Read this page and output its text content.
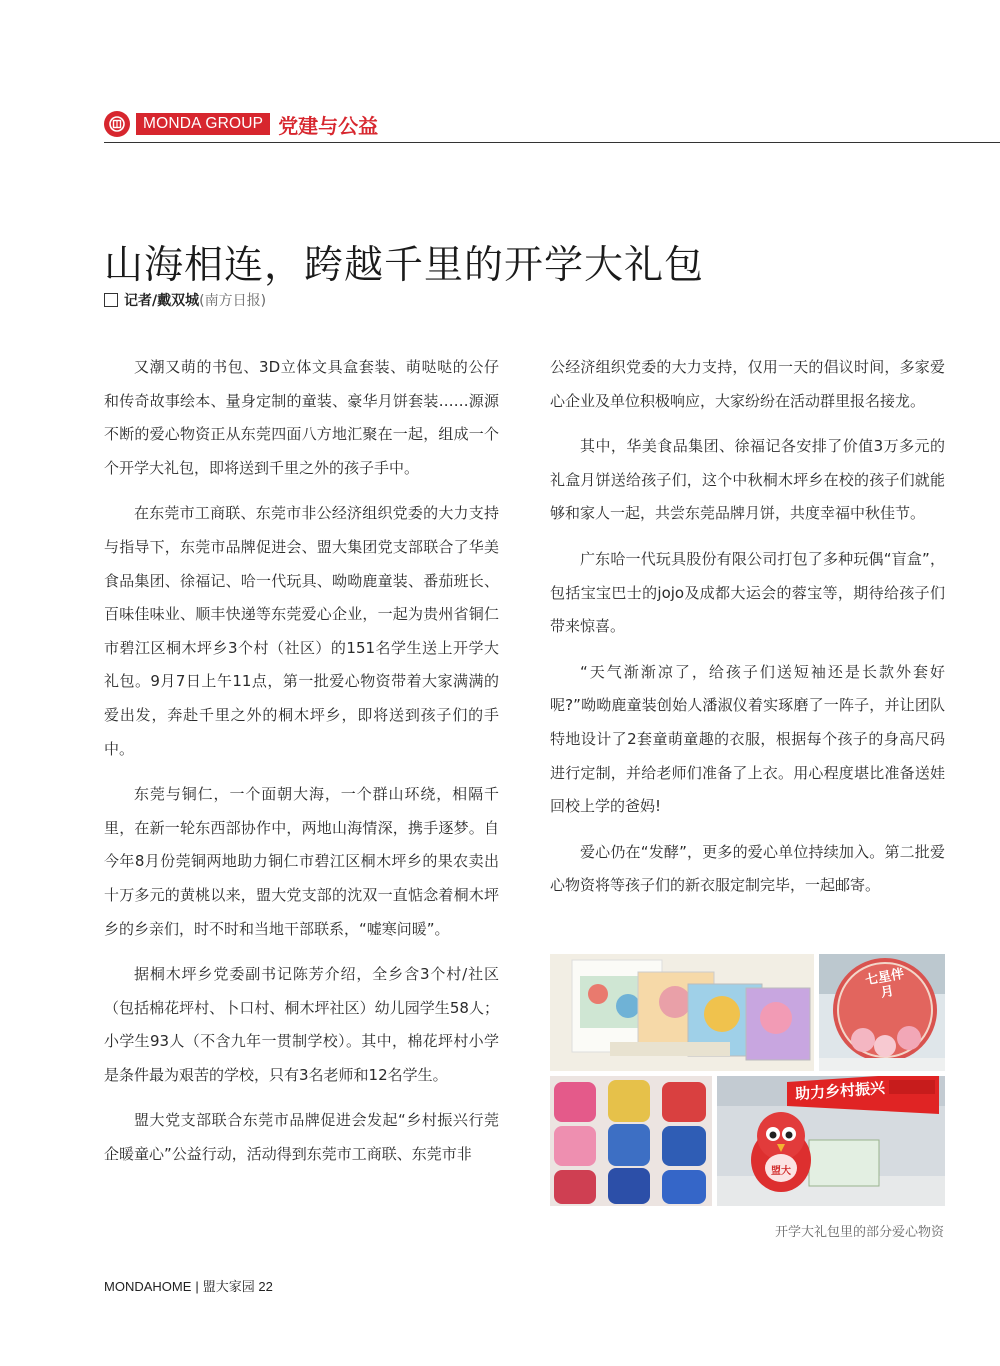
MONDA GROUP 党建与公益
山海相连，跨越千里的开学大礼包
记者/戴双城 (南方日报)

又潮又萌的书包、3D立体文具盒套装、萌哒哒的公仔和传奇故事绘本、量身定制的童装、豪华月饼套装……源源不断的爱心物资正从东莞四面八方地汇聚在一起，组成一个个开学大礼包，即将送到千里之外的孩子手中。

在东莞市工商联、东莞市非公经济组织党委的大力支持与指导下，东莞市品牌促进会、盟大集团党支部联合了华美食品集团、徐福记、哈一代玩具、呦呦鹿童装、番茄班长、百味佳味业、顺丰快递等东莞爱心企业，一起为贵州省铜仁市碧江区桐木坪乡3个村（社区）的151名学生送上开学大礼包。9月7日上午11点，第一批爱心物资带着大家满满的爱出发，奔赴千里之外的桐木坪乡，即将送到孩子们的手中。

东莞与铜仁，一个面朝大海，一个群山环绕，相隔千里，在新一轮东西部协作中，两地山海情深，携手逐梦。自今年8月份莞铜两地助力铜仁市碧江区桐木坪乡的果农卖出十万多元的黄桃以来，盟大党支部的沈双一直惦念着桐木坪乡的乡亲们，时不时和当地干部联系，“嘘寒问暖”。

据桐木坪乡党委副书记陈芳介绍，全乡含3个村/社区（包括棉花坪村、卜口村、桐木坪社区）幼儿园学生58人；小学生93人（不含九年一贯制学校）。其中，棉花坪村小学是条件最为艰苦的学校，只有3名老师和12名学生。

盟大党支部联合东莞市品牌促进会发起“乡村振兴行莞企暖童心”公益行动，活动得到东莞市工商联、东莞市非

公经济组织党委的大力支持，仅用一天的倡议时间，多家爱心企业及单位积极响应，大家纷纷在活动群里报名接龙。

其中，华美食品集团、徐福记各安排了价值3万多元的礼盒月饼送给孩子们，这个中秋桐木坪乡在校的孩子们就能够和家人一起，共尝东莞品牌月饼，共度幸福中秋佳节。

广东哈一代玩具股份有限公司打包了多种玩偶“盲盒”，包括宝宝巴士的jojo及成都大运会的蓉宝等，期待给孩子们带来惊喜。

“天气渐渐凉了，给孩子们送短袖还是长款外套好呢?”呦呦鹿童装创始人潘淑仪着实琢磨了一阵子，并让团队特地设计了2套童萌童趣的衣服，根据每个孩子的身高尺码进行定制，并给老师们准备了上衣。用心程度堪比准备送娃回校上学的爸妈!

爱心仍在“发酵”，更多的爱心单位持续加入。第二批爱心物资将等孩子们的新衣服定制完毕，一起邮寄。

七星伴月
助力乡村振兴
盟大
开学大礼包里的部分爱心物资
MONDAHOME | 盟大家园 22
